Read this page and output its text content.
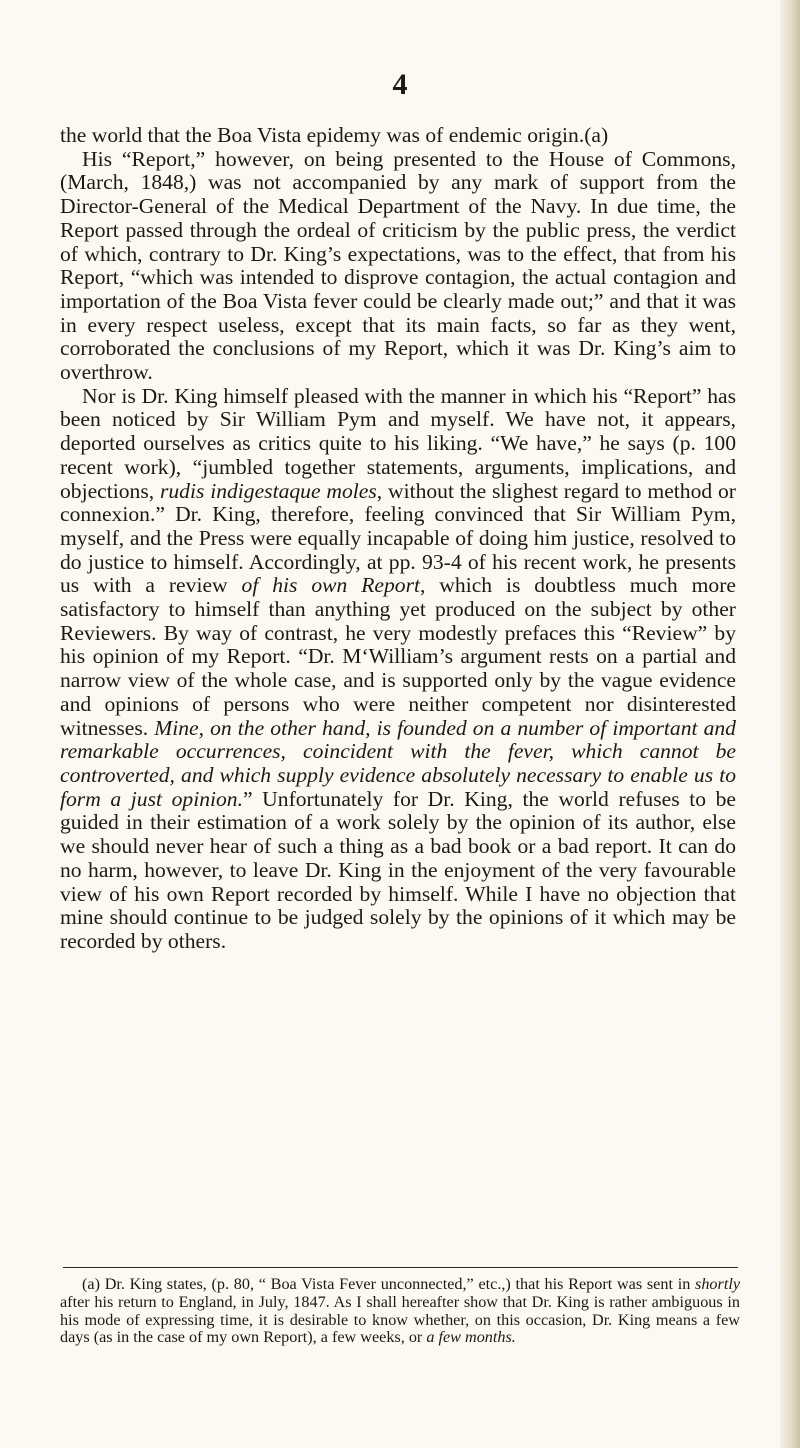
4

the world that the Boa Vista epidemy was of endemic origin.(a)

His “Report,” however, on being presented to the House of Commons, (March, 1848,) was not accompanied by any mark of support from the Director-General of the Medical Department of the Navy. In due time, the Report passed through the ordeal of criticism by the public press, the verdict of which, contrary to Dr. King’s expectations, was to the effect, that from his Report, “which was intended to disprove contagion, the actual contagion and importation of the Boa Vista fever could be clearly made out;” and that it was in every respect useless, except that its main facts, so far as they went, corroborated the conclusions of my Report, which it was Dr. King’s aim to overthrow.

Nor is Dr. King himself pleased with the manner in which his “Report” has been noticed by Sir William Pym and myself. We have not, it appears, deported ourselves as critics quite to his liking. “We have,” he says (p. 100 recent work), “jumbled together statements, arguments, implications, and objections, rudis indigestaque moles, without the slighest regard to method or connexion.” Dr. King, therefore, feeling convinced that Sir William Pym, myself, and the Press were equally incapable of doing him justice, resolved to do justice to himself. Accordingly, at pp. 93-4 of his recent work, he presents us with a review of his own Report, which is doubtless much more satisfactory to himself than anything yet produced on the subject by other Reviewers. By way of contrast, he very modestly prefaces this “Review” by his opinion of my Report. “Dr. M‘William’s argument rests on a partial and narrow view of the whole case, and is supported only by the vague evidence and opinions of persons who were neither competent nor disinterested witnesses. Mine, on the other hand, is founded on a number of important and remarkable occurrences, coincident with the fever, which cannot be controverted, and which supply evidence absolutely necessary to enable us to form a just opinion.” Unfortunately for Dr. King, the world refuses to be guided in their estimation of a work solely by the opinion of its author, else we should never hear of such a thing as a bad book or a bad report. It can do no harm, however, to leave Dr. King in the enjoyment of the very favourable view of his own Report recorded by himself. While I have no objection that mine should continue to be judged solely by the opinions of it which may be recorded by others.

(a) Dr. King states, (p. 80, “ Boa Vista Fever unconnected,” etc.,) that his Report was sent in shortly after his return to England, in July, 1847. As I shall hereafter show that Dr. King is rather ambiguous in his mode of expressing time, it is desirable to know whether, on this occasion, Dr. King means a few days (as in the case of my own Report), a few weeks, or a few months.
